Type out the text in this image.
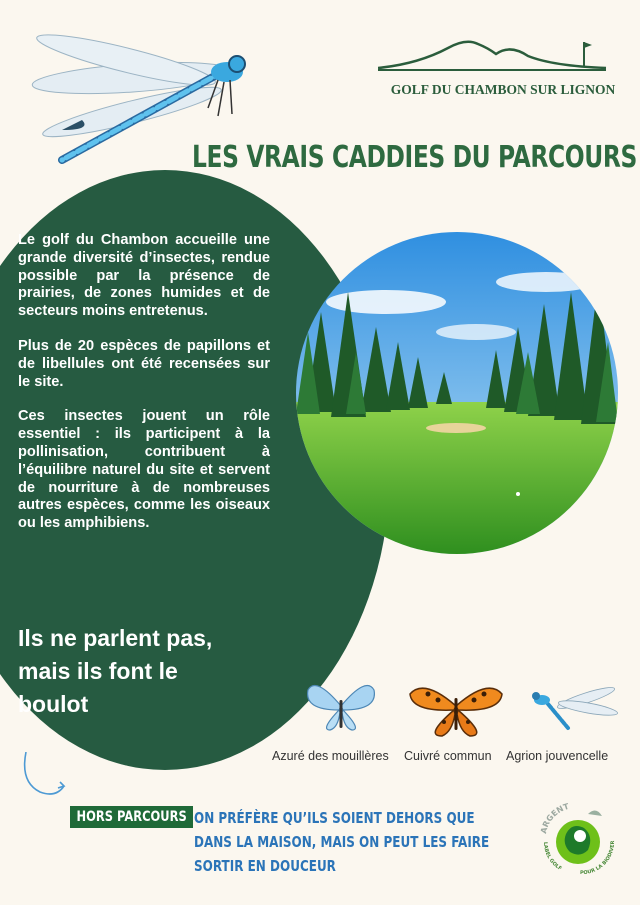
GOLF DU CHAMBON SUR LIGNON
LES VRAIS CADDIES DU PARCOURS

Le golf du Chambon accueille une grande diversité d’insectes, rendue possible par la présence de prairies, de zones humides et de secteurs moins entretenus.

Plus de 20 espèces de papillons et de libellules ont été recensées sur le site.

Ces insectes jouent un rôle essentiel : ils participent à la pollinisation, contribuent à l’équilibre naturel du site et servent de nourriture à de nombreuses autres espèces, comme les oiseaux ou les amphibiens.

Ils ne parlent pas, mais ils font le boulot
Azuré des mouillères Cuivré commun Agrion jouvencelle
HORS PARCOURS ON PRÉFÈRE QU’ILS SOIENT DEHORS QUE DANS LA MAISON, MAIS ON PEUT LES FAIRE SORTIR EN DOUCEUR
ARGENT
LABEL GOLF
POUR LA BIODIVER
